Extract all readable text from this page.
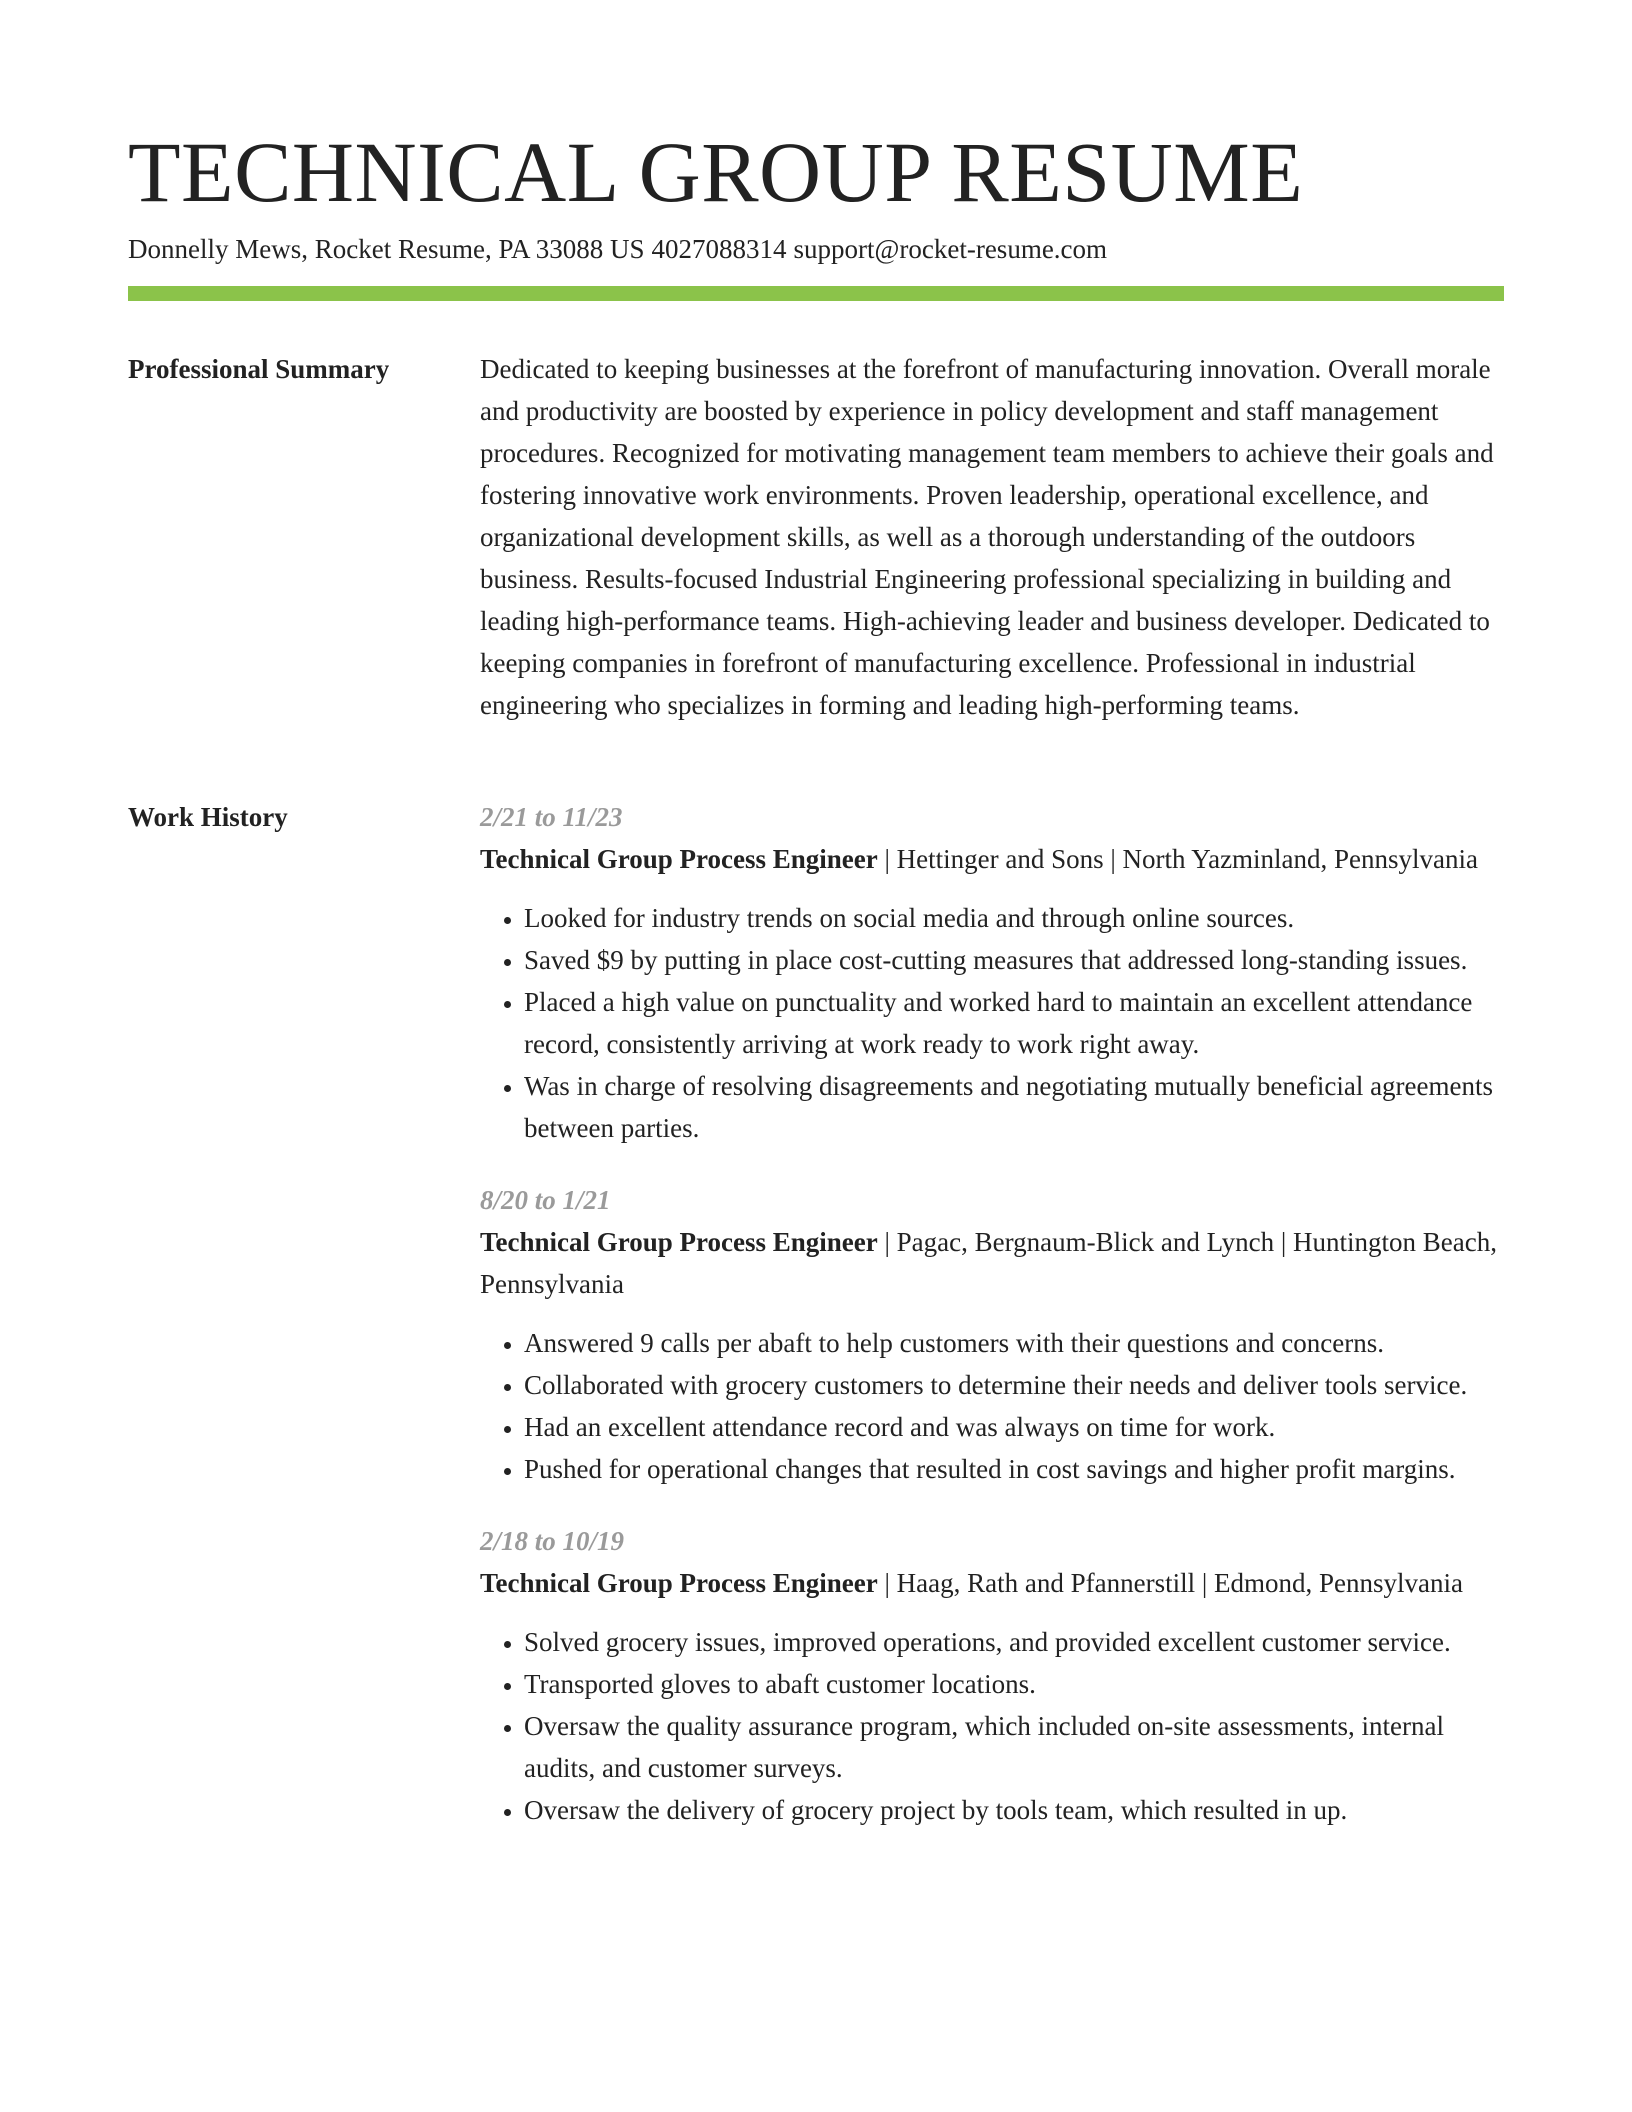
TECHNICAL GROUP RESUME
Donnelly Mews, Rocket Resume, PA 33088 US 4027088314 support@rocket-resume.com
Professional Summary	Dedicated to keeping businesses at the forefront of manufacturing innovation. Overall morale and productivity are boosted by experience in policy development and staff management procedures. Recognized for motivating management team members to achieve their goals and fostering innovative work environments. Proven leadership, operational excellence, and organizational development skills, as well as a thorough understanding of the outdoors business. Results-focused Industrial Engineering professional specializing in building and leading high-performance teams. High-achieving leader and business developer. Dedicated to keeping companies in forefront of manufacturing excellence. Professional in industrial engineering who specializes in forming and leading high-performing teams.

Work History	2/21 to 11/23
Technical Group Process Engineer | Hettinger and Sons | North Yazminland, Pennsylvania
• Looked for industry trends on social media and through online sources.
• Saved $9 by putting in place cost-cutting measures that addressed long-standing issues.
• Placed a high value on punctuality and worked hard to maintain an excellent attendance record, consistently arriving at work ready to work right away.
• Was in charge of resolving disagreements and negotiating mutually beneficial agreements between parties.
8/20 to 1/21
Technical Group Process Engineer | Pagac, Bergnaum-Blick and Lynch | Huntington Beach, Pennsylvania
• Answered 9 calls per abaft to help customers with their questions and concerns.
• Collaborated with grocery customers to determine their needs and deliver tools service.
• Had an excellent attendance record and was always on time for work.
• Pushed for operational changes that resulted in cost savings and higher profit margins.
2/18 to 10/19
Technical Group Process Engineer | Haag, Rath and Pfannerstill | Edmond, Pennsylvania
• Solved grocery issues, improved operations, and provided excellent customer service.
• Transported gloves to abaft customer locations.
• Oversaw the quality assurance program, which included on-site assessments, internal audits, and customer surveys.
• Oversaw the delivery of grocery project by tools team, which resulted in up.
